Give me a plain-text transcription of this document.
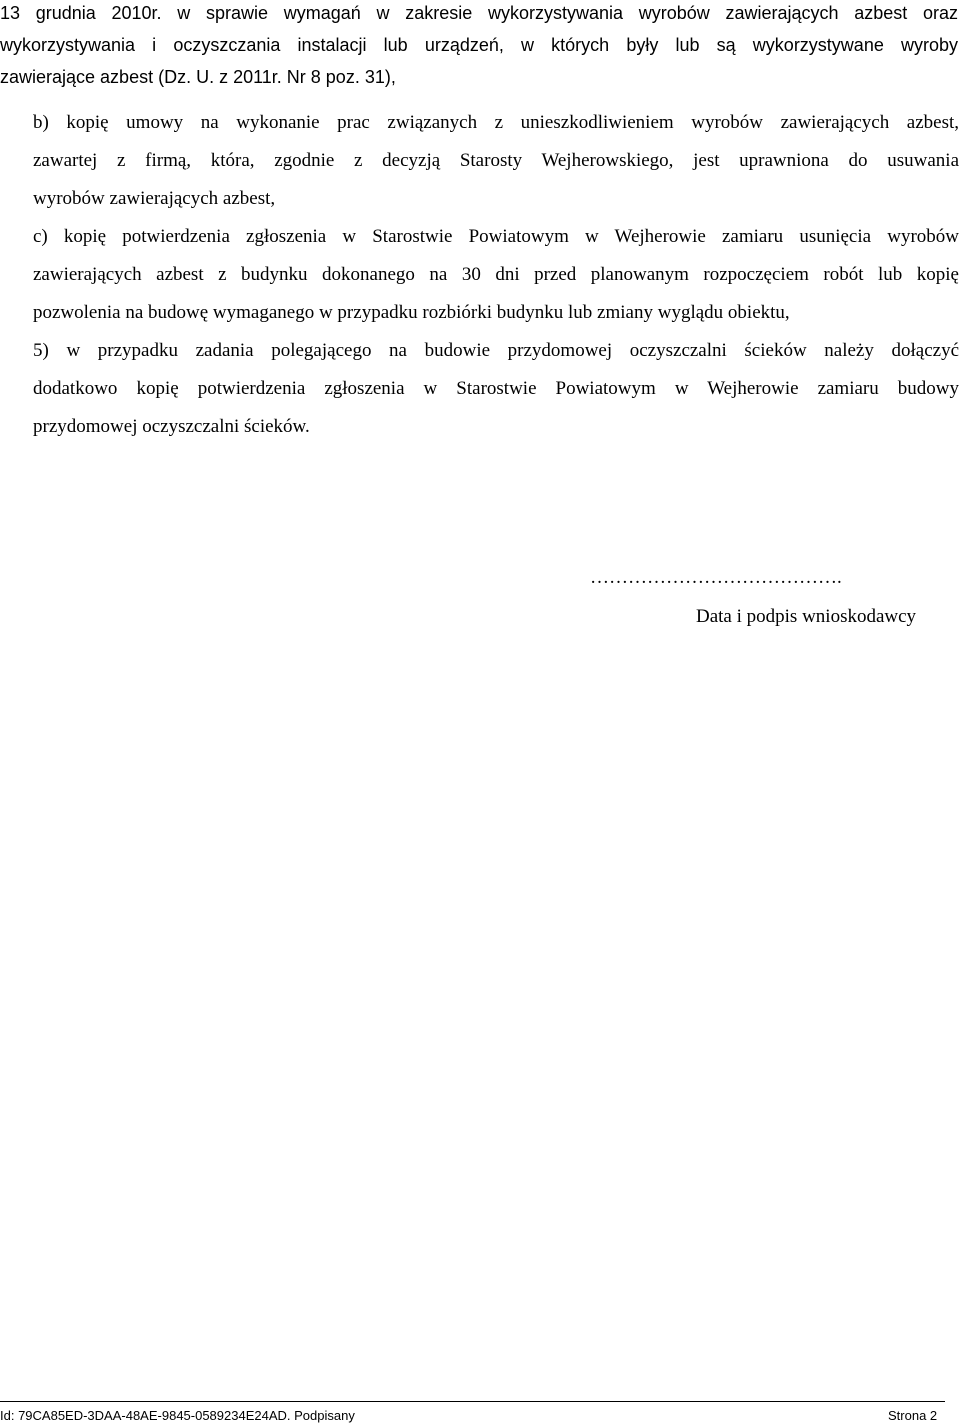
13 grudnia 2010r. w sprawie wymagań w zakresie wykorzystywania wyrobów zawierających azbest oraz
wykorzystywania i oczyszczania instalacji lub urządzeń, w których były lub są wykorzystywane wyroby
zawierające azbest (Dz. U. z 2011r. Nr 8 poz. 31),
b) kopię umowy na wykonanie prac związanych z unieszkodliwieniem wyrobów zawierających azbest,
zawartej z firmą, która, zgodnie z decyzją Starosty Wejherowskiego, jest uprawniona do usuwania
wyrobów zawierających azbest,
c) kopię potwierdzenia zgłoszenia w Starostwie Powiatowym w Wejherowie zamiaru usunięcia wyrobów
zawierających azbest z budynku dokonanego na 30 dni przed planowanym rozpoczęciem robót lub kopię
pozwolenia na budowę wymaganego w przypadku rozbiórki budynku lub zmiany wyglądu obiektu,
5) w przypadku zadania polegającego na budowie przydomowej oczyszczalni ścieków należy dołączyć
dodatkowo kopię potwierdzenia zgłoszenia w Starostwie Powiatowym w Wejherowie zamiaru budowy
przydomowej oczyszczalni ścieków.
………………………………….
Data i podpis wnioskodawcy
Id: 79CA85ED-3DAA-48AE-9845-0589234E24AD. Podpisany	Strona 2
